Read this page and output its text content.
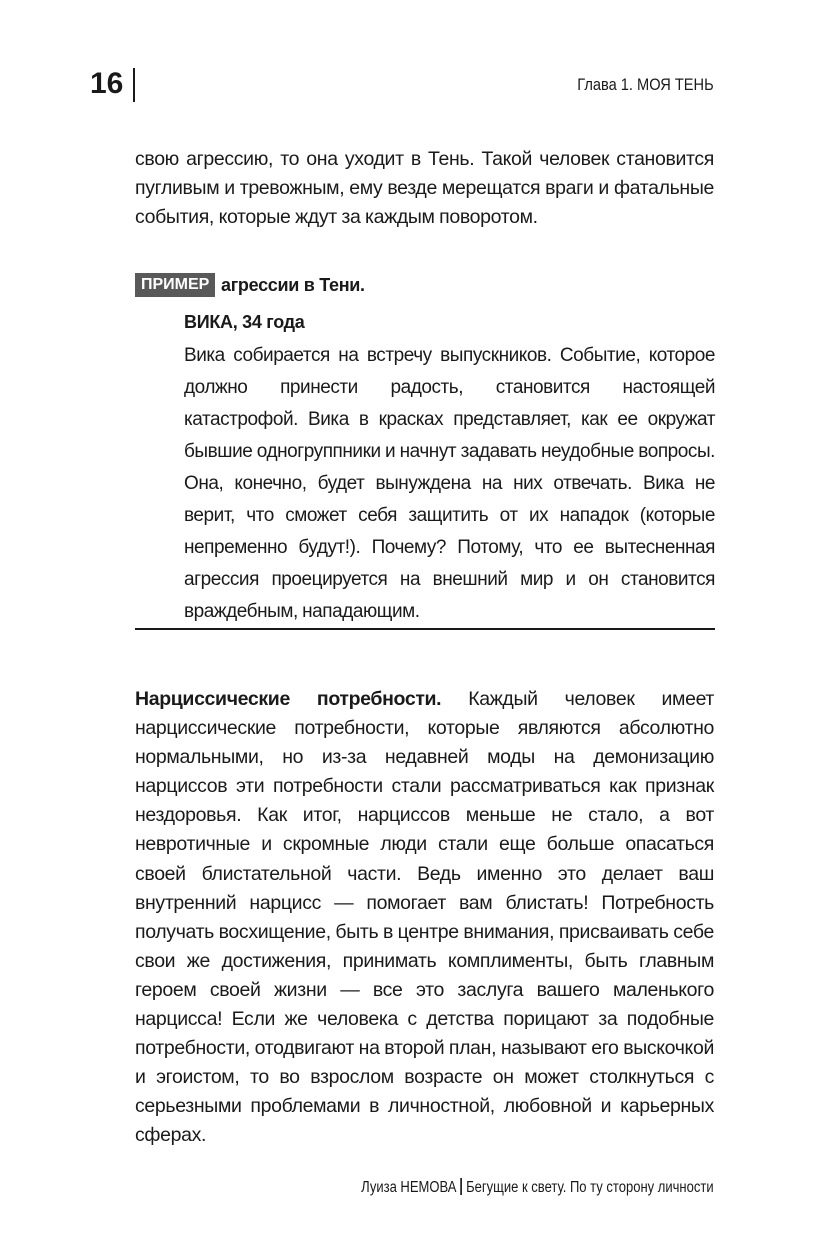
16	Глава 1. МОЯ ТЕНЬ

свою агрессию, то она уходит в Тень. Такой человек становится пугливым и тревожным, ему везде мерещатся враги и фатальные события, которые ждут за каждым поворотом.

ПРИМЕР агрессии в Тени.
ВИКА, 34 года

Вика собирается на встречу выпускников. Событие, которое должно принести радость, становится настоящей катастрофой. Вика в красках представляет, как ее окружат бывшие одногруппники и начнут задавать неудобные вопросы. Она, конечно, будет вынуждена на них отвечать. Вика не верит, что сможет себя защитить от их нападок (которые непременно будут!). Почему? Потому, что ее вытесненная агрессия проецируется на внешний мир и он становится враждебным, нападающим.

Нарциссические потребности. Каждый человек имеет нарциссические потребности, которые являются абсолютно нормальными, но из-за недавней моды на демонизацию нарциссов эти потребности стали рассматриваться как признак нездоровья. Как итог, нарциссов меньше не стало, а вот невротичные и скромные люди стали еще больше опасаться своей блистательной части. Ведь именно это делает ваш внутренний нарцисс — помогает вам блистать! Потребность получать восхищение, быть в центре внимания, присваивать себе свои же достижения, принимать комплименты, быть главным героем своей жизни — все это заслуга вашего маленького нарцисса! Если же человека с детства порицают за подобные потребности, отодвигают на второй план, называют его выскочкой и эгоистом, то во взрослом возрасте он может столкнуться с серьезными проблемами в личностной, любовной и карьерных сферах.

Луиза НЕМОВА Бегущие к свету. По ту сторону личности
